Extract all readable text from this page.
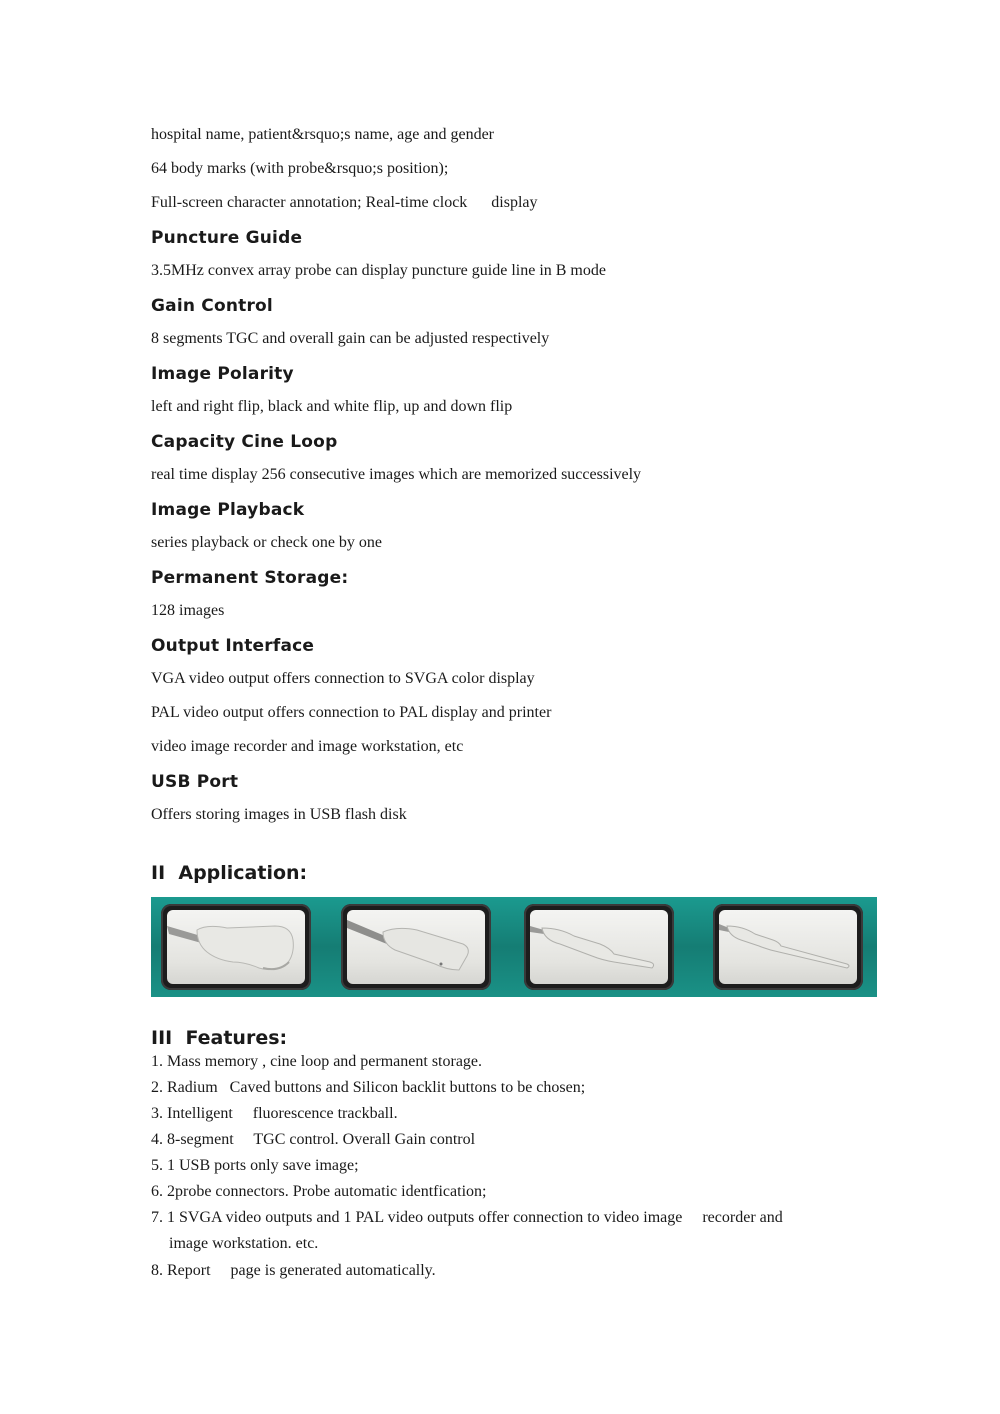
hospital name, patient&rsquo;s name, age and gender
64 body marks (with probe&rsquo;s position);
Full-screen character annotation; Real-time clock      display
Puncture Guide
3.5MHz convex array probe can display puncture guide line in B mode
Gain Control
8 segments TGC and overall gain can be adjusted respectively
Image Polarity
left and right flip, black and white flip, up and down flip
Capacity Cine Loop
real time display 256 consecutive images which are memorized successively
Image Playback
series playback or check one by one
Permanent Storage:
128 images
Output Interface
VGA video output offers connection to SVGA color display
PAL video output offers connection to PAL display and printer
video image recorder and image workstation, etc
USB Port
Offers storing images in USB flash disk
II  Application:
III  Features:
1. Mass memory , cine loop and permanent storage.
2. Radium   Caved buttons and Silicon backlit buttons to be chosen;
3. Intelligent     fluorescence trackball.
4. 8-segment     TGC control. Overall Gain control
5. 1 USB ports only save image;
6. 2probe connectors. Probe automatic identfication;
7. 1 SVGA video outputs and 1 PAL video outputs offer connection to video image     recorder and
image workstation. etc.
8. Report     page is generated automatically.
